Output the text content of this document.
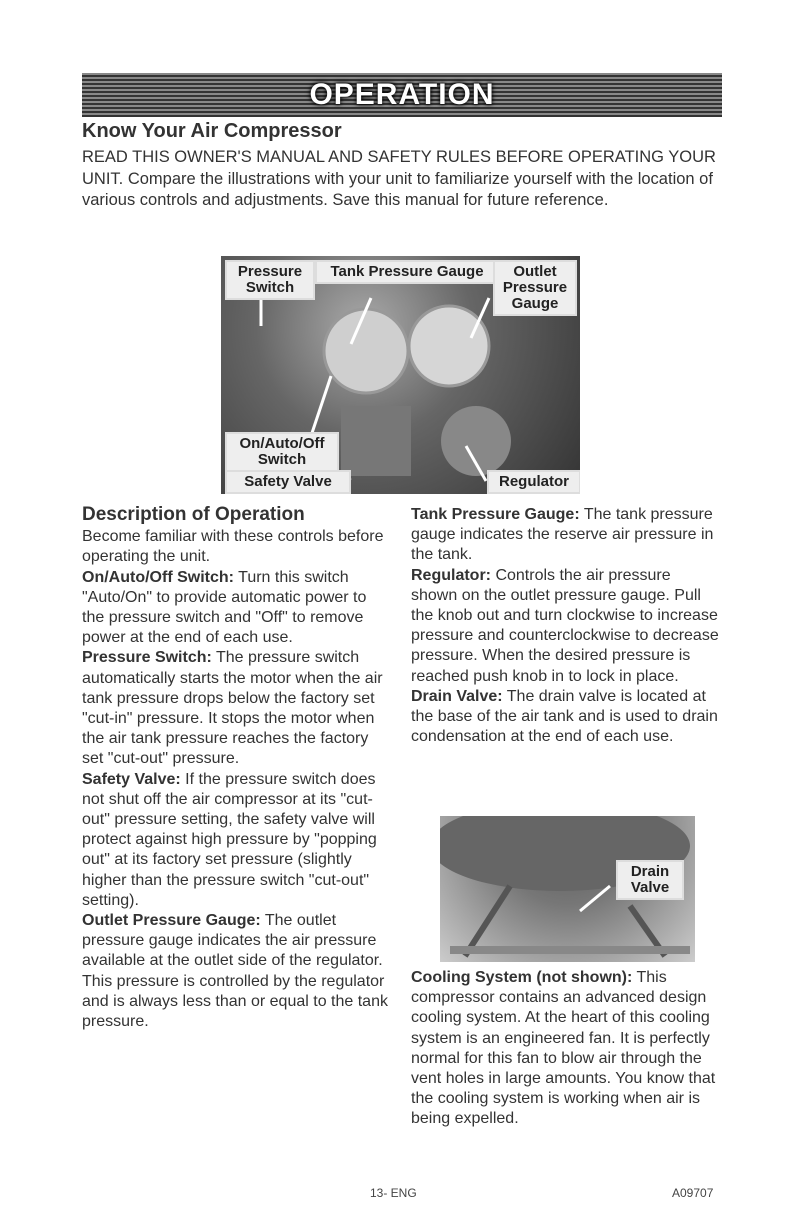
OPERATION
Know Your Air Compressor
READ THIS OWNER'S MANUAL AND SAFETY RULES BEFORE OPERATING YOUR UNIT. Compare the illustrations with your unit to familiarize yourself with the location of various controls and adjustments. Save this manual for future reference.
Pressure Switch
Tank Pressure Gauge	Outlet Pressure Gauge
On/Auto/Off Switch
Safety Valve	Regulator
Description of Operation

Become familiar with these controls before operating the unit.

On/Auto/Off Switch: Turn this switch "Auto/On" to provide automatic power to the pressure switch and "Off" to remove power at the end of each use.

Pressure Switch: The pressure switch automatically starts the motor when the air tank pressure drops below the factory set "cut-in" pressure. It stops the motor when the air tank pressure reaches the factory set "cut-out" pressure.

Safety Valve: If the pressure switch does not shut off the air compressor at its "cut-out" pressure setting, the safety valve will protect against high pressure by "popping out" at its factory set pressure (slightly higher than the pressure switch "cut-out" setting).

Outlet Pressure Gauge: The outlet pressure gauge indicates the air pressure available at the outlet side of the regulator. This pressure is controlled by the regulator and is always less than or equal to the tank pressure.

Tank Pressure Gauge: The tank pressure gauge indicates the reserve air pressure in the tank.

Regulator: Controls the air pressure shown on the outlet pressure gauge. Pull the knob out and turn clockwise to increase pressure and counterclockwise to decrease pressure. When the desired pressure is reached push knob in to lock in place.

Drain Valve: The drain valve is located at the base of the air tank and is used to drain condensation at the end of each use.

Drain Valve
Cooling System (not shown): This compressor contains an advanced design cooling system. At the heart of this cooling system is an engineered fan. It is perfectly normal for this fan to blow air through the vent holes in large amounts. You know that the cooling system is working when air is being expelled.
13- ENG	A09707
